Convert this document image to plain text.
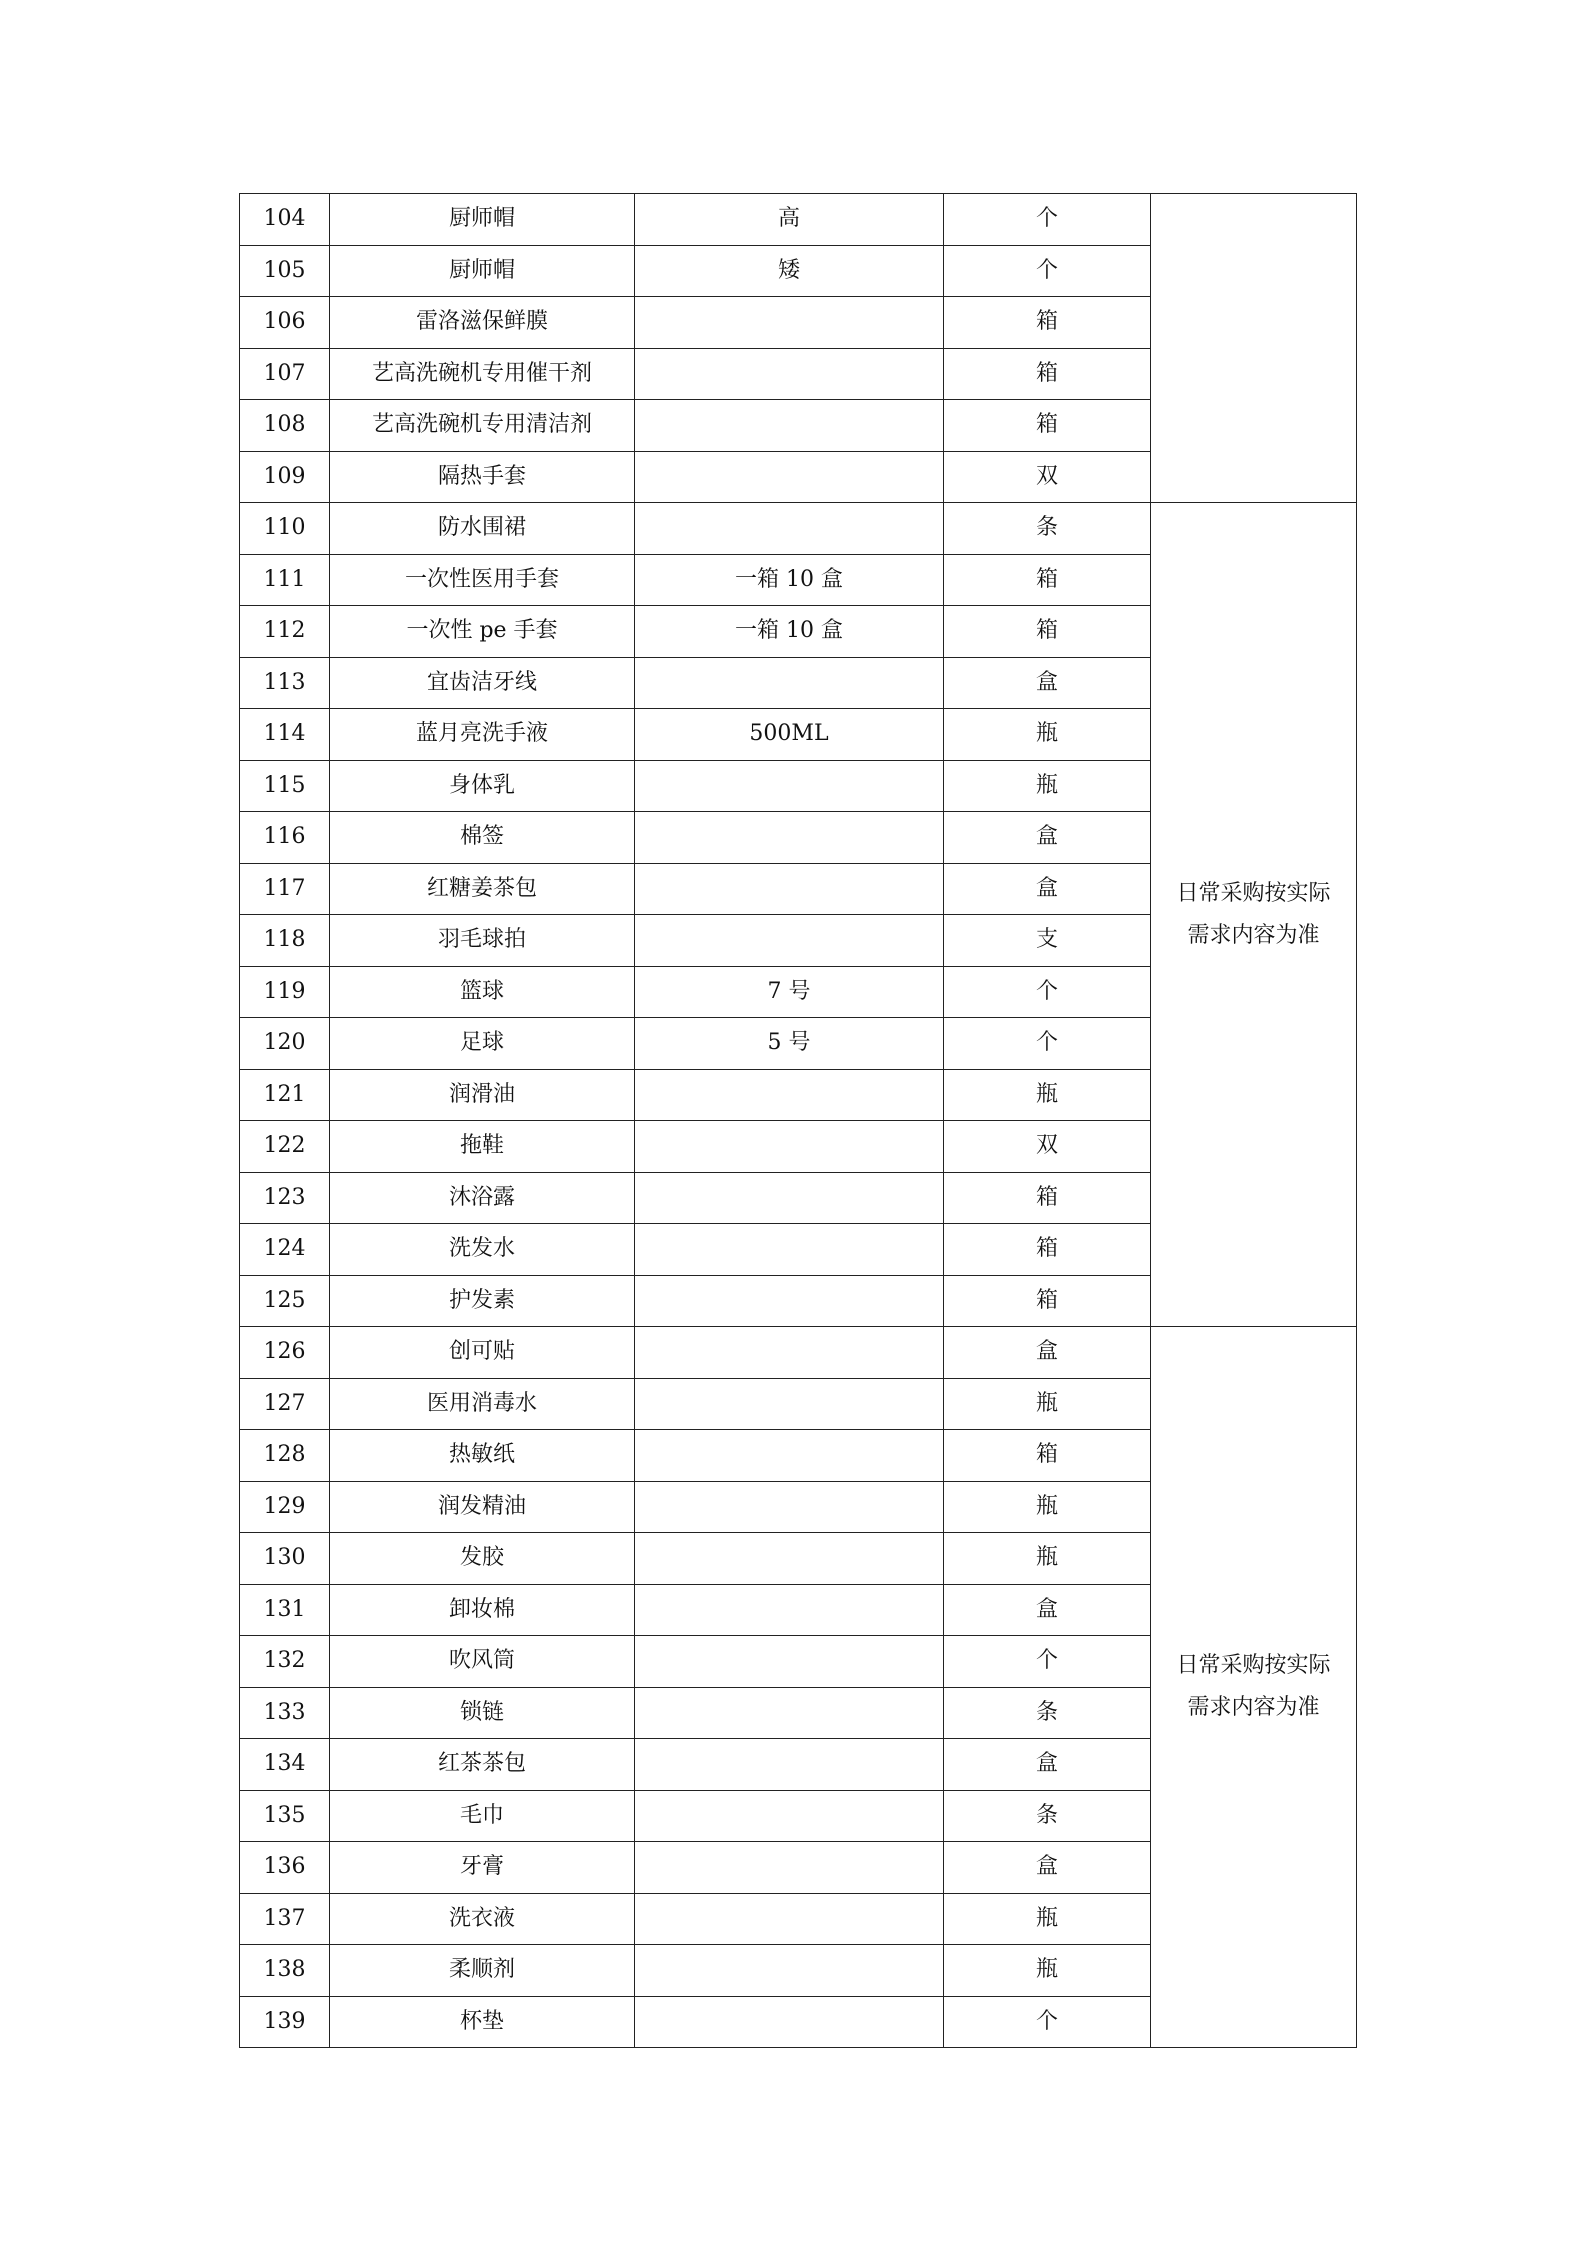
104	厨师帽	高	个	
105	厨师帽	矮	个	
106	雷洛滋保鲜膜		箱	
107	艺高洗碗机专用催干剂		箱	
108	艺高洗碗机专用清洁剂		箱	
109	隔热手套		双	
110	防水围裙		条	日常采购按实际
需求内容为准

111	一次性医用手套	一箱 10 盒	箱	
112	一次性 pe 手套	一箱 10 盒	箱	
113	宜齿洁牙线		盒	
114	蓝月亮洗手液	500ML	瓶	
115	身体乳		瓶	
116	棉签		盒	
117	红糖姜茶包		盒	
118	羽毛球拍		支	
119	篮球	7 号	个	
120	足球	5 号	个	
121	润滑油		瓶	
122	拖鞋		双	
123	沐浴露		箱	
124	洗发水		箱	
125	护发素		箱	
126	创可贴		盒	日常采购按实际
需求内容为准

127	医用消毒水		瓶	
128	热敏纸		箱	
129	润发精油		瓶	
130	发胶		瓶	
131	卸妆棉		盒	
132	吹风筒		个	
133	锁链		条	
134	红茶茶包		盒	
135	毛巾		条	
136	牙膏		盒	
137	洗衣液		瓶	
138	柔顺剂		瓶	
139	杯垫		个	
